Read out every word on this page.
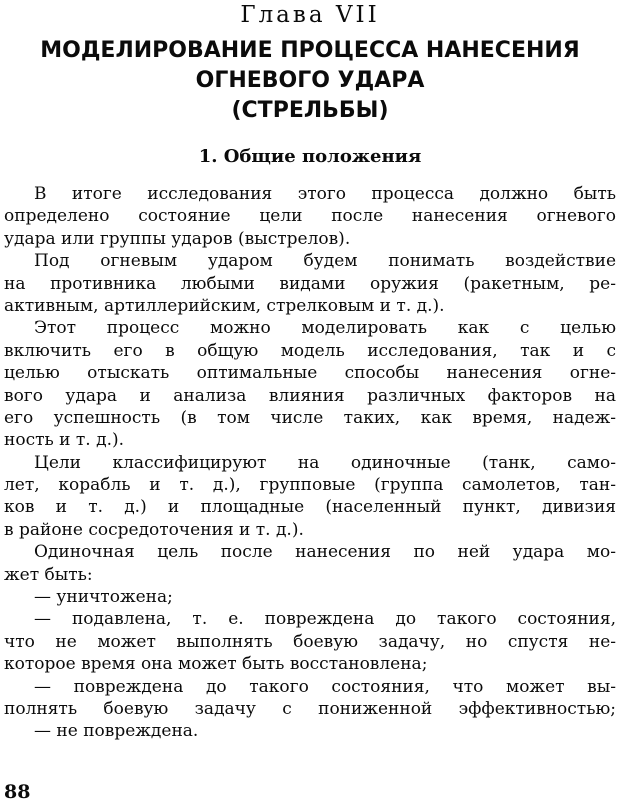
Глава VII
МОДЕЛИРОВАНИЕ ПРОЦЕССА НАНЕСЕНИЯ
ОГНЕВОГО УДАРА
(СТРЕЛЬБЫ)
1. Общие положения
В итоге исследования этого процесса должно быть
определено состояние цели после нанесения огневого
удара или группы ударов (выстрелов).
Под огневым ударом будем понимать воздействие
на противника любыми видами оружия (ракетным, ре-
активным, артиллерийским, стрелковым и т. д.).
Этот процесс можно моделировать как с целью
включить его в общую модель исследования, так и с
целью отыскать оптимальные способы нанесения огне-
вого удара и анализа влияния различных факторов на
его успешность (в том числе таких, как время, надеж-
ность и т. д.).
Цели классифицируют на одиночные (танк, само-
лет, корабль и т. д.), групповые (группа самолетов, тан-
ков и т. д.) и площадные (населенный пункт, дивизия
в районе сосредоточения и т. д.).
Одиночная цель после нанесения по ней удара мо-
жет быть:
— уничтожена;
— подавлена, т. е. повреждена до такого состояния,
что не может выполнять боевую задачу, но спустя не-
которое время она может быть восстановлена;
— повреждена до такого состояния, что может вы-
полнять боевую задачу с пониженной эффективностью;
— не повреждена.
88
